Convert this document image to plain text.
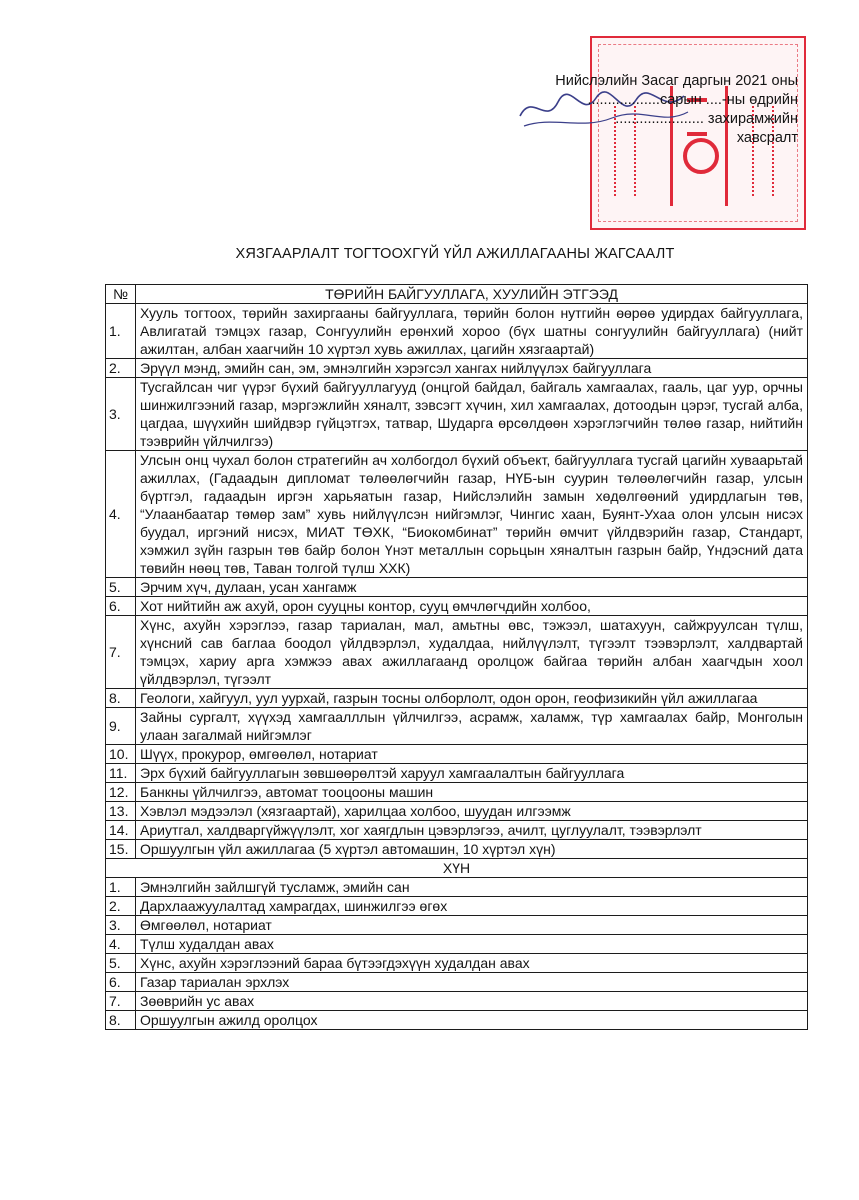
Нийслэлийн Засаг даргын 2021 оны
..................сарын ....-ны өдрийн
...................... захирамжийн
хавсралт
ХЯЗГААРЛАЛТ ТОГТООХГҮЙ ҮЙЛ АЖИЛЛАГААНЫ ЖАГСААЛТ
№	ТӨРИЙН БАЙГУУЛЛАГА, ХУУЛИЙН ЭТГЭЭД
1.	Хууль тогтоох, төрийн захиргааны байгууллага, төрийн болон нутгийн өөрөө удирдах байгууллага, Авлигатай тэмцэх газар, Сонгуулийн ерөнхий хороо (бүх шатны сонгуулийн байгууллага) (нийт ажилтан, албан хаагчийн 10 хүртэл хувь ажиллах, цагийн хязгаартай)
2.	Эрүүл мэнд, эмийн сан, эм, эмнэлгийн хэрэгсэл хангах нийлүүлэх байгууллага
3.	Тусгайлсан чиг үүрэг бүхий байгууллагууд (онцгой байдал, байгаль хамгаалах, гааль, цаг уур, орчны шинжилгээний газар, мэргэжлийн хяналт, зэвсэгт хүчин, хил хамгаалах, дотоодын цэрэг, тусгай алба, цагдаа, шүүхийн шийдвэр гүйцэтгэх, татвар, Шударга өрсөлдөөн хэрэглэгчийн төлөө газар, нийтийн тээврийн үйлчилгээ)
4.	Улсын онц чухал болон стратегийн ач холбогдол бүхий объект, байгууллага тусгай цагийн хуваарьтай ажиллах, (Гадаадын дипломат төлөөлөгчийн газар, НҮБ-ын суурин төлөөлөгчийн газар, улсын бүртгэл, гадаадын иргэн харьяатын газар, Нийслэлийн замын хөдөлгөөний удирдлагын төв, “Улаанбаатар төмөр зам” хувь нийлүүлсэн нийгэмлэг, Чингис хаан, Буянт-Ухаа олон улсын нисэх буудал, иргэний нисэх, МИАТ ТӨХК, “Биокомбинат” төрийн өмчит үйлдвэрийн газар, Стандарт, хэмжил зүйн газрын төв байр болон Үнэт металлын сорьцын хяналтын газрын байр, Үндэсний дата төвийн нөөц төв, Таван толгой түлш ХХК)
5.	Эрчим хүч, дулаан, усан хангамж
6.	Хот нийтийн аж ахуй, орон сууцны контор, сууц өмчлөгчдийн холбоо,
7.	Хүнс, ахуйн хэрэглээ, газар тариалан, мал, амьтны өвс, тэжээл, шатахуун, сайжруулсан түлш, хүнсний сав баглаа боодол үйлдвэрлэл, худалдаа, нийлүүлэлт, түгээлт тээвэрлэлт, халдвартай тэмцэх, хариу арга хэмжээ авах ажиллагаанд оролцож байгаа төрийн албан хаагчдын хоол үйлдвэрлэл, түгээлт
8.	Геологи, хайгуул, уул уурхай, газрын тосны олборлолт, одон орон, геофизикийн үйл ажиллагаа
9.	Зайны сургалт, хүүхэд хамгаалллын үйлчилгээ, асрамж, халамж, түр хамгаалах байр, Монголын улаан загалмай нийгэмлэг
10.	Шүүх, прокурор, өмгөөлөл, нотариат
11.	Эрх бүхий байгууллагын зөвшөөрөлтэй харуул хамгаалалтын байгууллага
12.	Банкны үйлчилгээ, автомат тооцооны машин
13.	Хэвлэл мэдээлэл (хязгаартай), харилцаа холбоо, шуудан илгээмж
14.	Ариутгал, халдваргүйжүүлэлт, хог хаягдлын цэвэрлэгээ, ачилт, цуглуулалт, тээвэрлэлт
15.	Оршуулгын үйл ажиллагаа (5 хүртэл автомашин, 10 хүртэл хүн)
ХҮН	
1.	Эмнэлгийн зайлшгүй тусламж, эмийн сан
2.	Дархлаажуулалтад хамрагдах, шинжилгээ өгөх
3.	Өмгөөлөл, нотариат
4.	Түлш худалдан авах
5.	Хүнс, ахуйн хэрэглээний бараа бүтээгдэхүүн худалдан авах
6.	Газар тариалан эрхлэх
7.	Зөөврийн ус авах
8.	Оршуулгын ажилд оролцох
